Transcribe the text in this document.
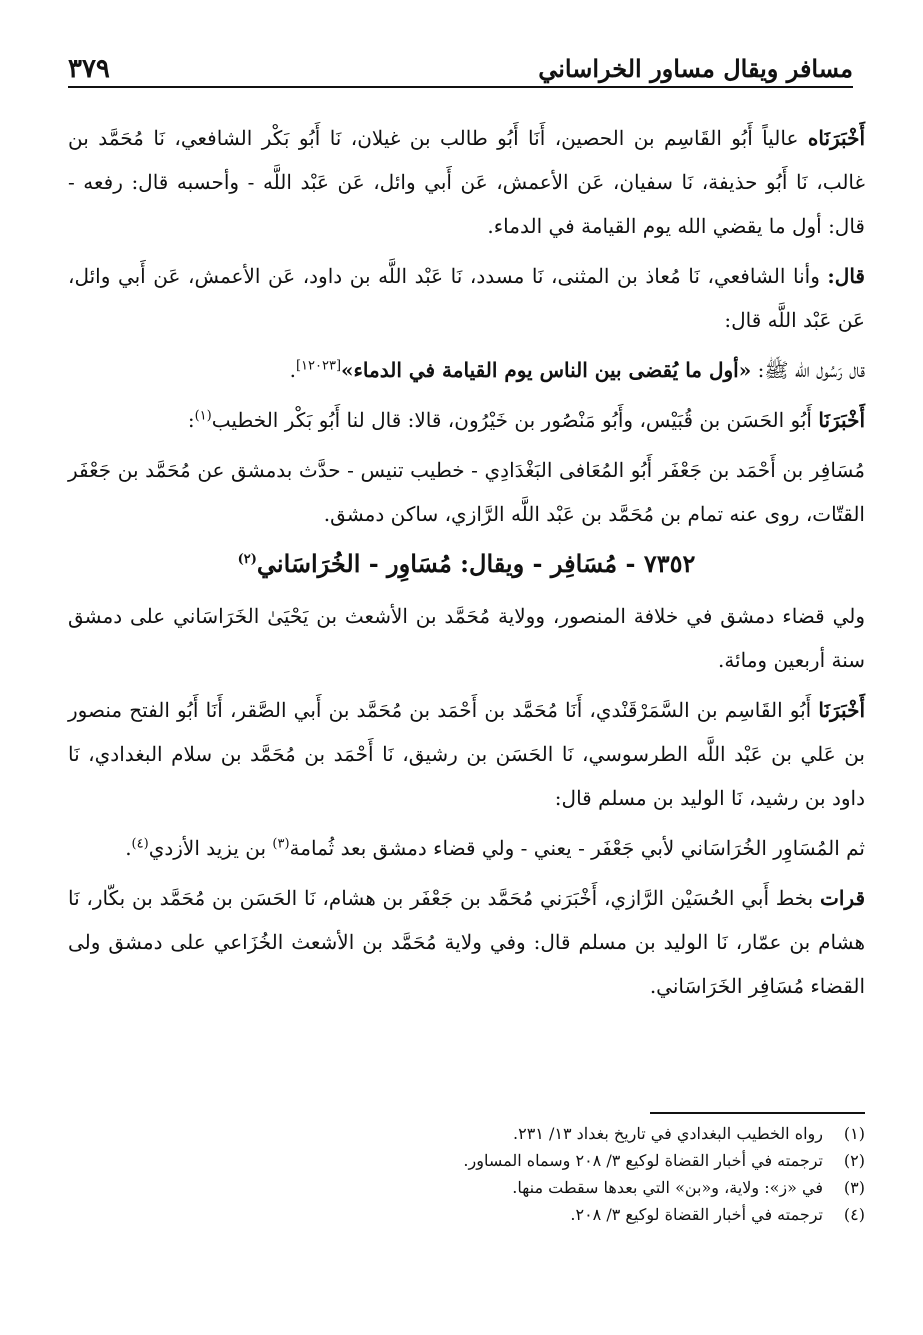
٣٧٩	مسافر ويقال مساور الخراساني

أَخْبَرَنَاه عالياً أَبُو القَاسِم بن الحصين، أَنَا أَبُو طالب بن غيلان، نَا أَبُو بَكْر الشافعي، نَا مُحَمَّد بن غالب، نَا أَبُو حذيفة، نَا سفيان، عَن الأعمش، عَن أَبي وائل، عَن عَبْد اللَّه - وأحسبه قال: رفعه - قال: أول ما يقضي الله يوم القيامة في الدماء.

قال: وأنا الشافعي، نَا مُعاذ بن المثنى، نَا مسدد، نَا عَبْد اللَّه بن داود، عَن الأعمش، عَن أَبي وائل، عَن عَبْد اللَّه قال:

قال رَسُول الله ﷺ: «أول ما يُقضى بين الناس يوم القيامة في الدماء»[١٢٠٢٣].

أَخْبَرَنَا أَبُو الحَسَن بن قُبَيْس، وأَبُو مَنْصُور بن خَيْرُون، قالا: قال لنا أَبُو بَكْر الخطيب$^{(١)}$:

مُسَافِر بن أَحْمَد بن جَعْفَر أَبُو المُعَافى البَغْدَادِي - خطيب تنيس - حدَّث بدمشق عن مُحَمَّد بن جَعْفَر القتّات، روى عنه تمام بن مُحَمَّد بن عَبْد اللَّه الرَّازي، ساكن دمشق.

٧٣٥٢ - مُسَافِر - ويقال: مُسَاوِر - الخُرَاسَاني$^{(٢)}$

ولي قضاء دمشق في خلافة المنصور، وولاية مُحَمَّد بن الأشعث بن يَحْيَىٰ الخَرَاسَاني على دمشق سنة أربعين ومائة.

أَخْبَرَنَا أَبُو القَاسِم بن السَّمَرْقَنْدي، أَنَا مُحَمَّد بن أَحْمَد بن مُحَمَّد بن أَبي الصَّقر، أَنَا أَبُو الفتح منصور بن عَلي بن عَبْد اللَّه الطرسوسي، نَا الحَسَن بن رشيق، نَا أَحْمَد بن مُحَمَّد بن سلام البغدادي، نَا داود بن رشيد، نَا الوليد بن مسلم قال:

ثم المُسَاوِر الخُرَاسَاني لأبي جَعْفَر - يعني - ولي قضاء دمشق بعد ثُمامة$^{(٣)}$ بن يزيد الأزدي$^{(٤)}$.

قرات بخط أَبي الحُسَيْن الرَّازي، أَخْبَرَني مُحَمَّد بن جَعْفَر بن هشام، نَا الحَسَن بن مُحَمَّد بن بكّار، نَا هشام بن عمّار، نَا الوليد بن مسلم قال: وفي ولاية مُحَمَّد بن الأشعث الخُزَاعي على دمشق ولى القضاء مُسَافِر الخَرَاسَاني.

(١)
رواه الخطيب البغدادي في تاريخ بغداد ١٣/ ٢٣١.
(٢)
ترجمته في أخبار القضاة لوكيع ٣/ ٢٠٨ وسماه المساور.
(٣)
في «ز»: ولاية، و«بن» التي بعدها سقطت منها.
(٤)
ترجمته في أخبار القضاة لوكيع ٣/ ٢٠٨.
